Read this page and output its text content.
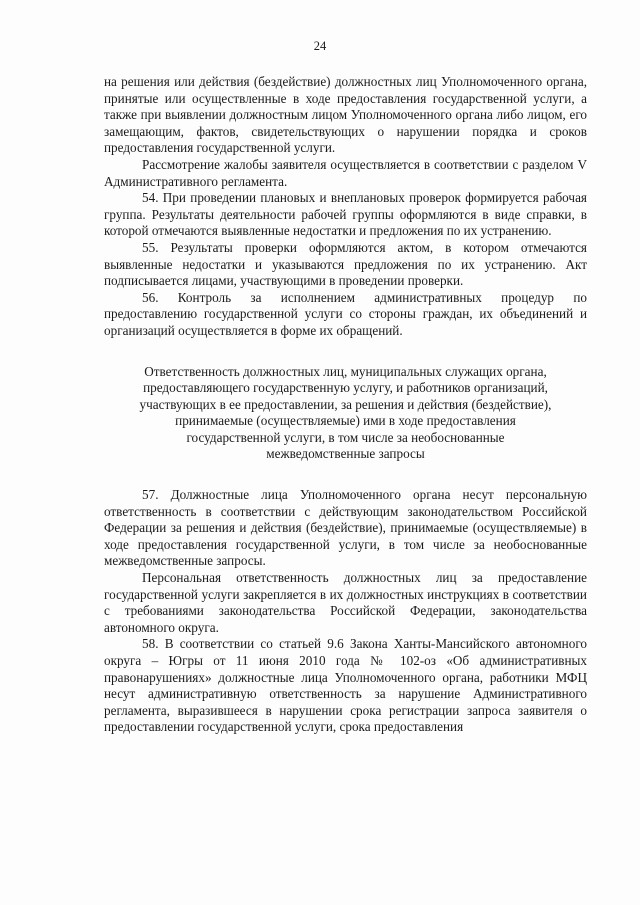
24

на решения или действия (бездействие) должностных лиц Уполномоченного органа, принятые или осуществленные в ходе предоставления государственной услуги, а также при выявлении должностным лицом Уполномоченного органа либо лицом, его замещающим, фактов, свидетельствующих о нарушении порядка и сроков предоставления государственной услуги.

Рассмотрение жалобы заявителя осуществляется в соответствии с разделом V Административного регламента.

54. При проведении плановых и внеплановых проверок формируется рабочая группа. Результаты деятельности рабочей группы оформляются в виде справки, в которой отмечаются выявленные недостатки и предложения по их устранению.

55. Результаты проверки оформляются актом, в котором отмечаются выявленные недостатки и указываются предложения по их устранению. Акт подписывается лицами, участвующими в проведении проверки.

56. Контроль за исполнением административных процедур по предоставлению государственной услуги со стороны граждан, их объединений и организаций осуществляется в форме их обращений.

Ответственность должностных лиц, муниципальных служащих органа,
предоставляющего государственную услугу, и работников организаций,
участвующих в ее предоставлении, за решения и действия (бездействие),
принимаемые (осуществляемые) ими в ходе предоставления
государственной услуги, в том числе за необоснованные
межведомственные запросы

57. Должностные лица Уполномоченного органа несут персональную ответственность в соответствии с действующим законодательством Российской Федерации за решения и действия (бездействие), принимаемые (осуществляемые) в ходе предоставления государственной услуги, в том числе за необоснованные межведомственные запросы.

Персональная ответственность должностных лиц за предоставление государственной услуги закрепляется в их должностных инструкциях в соответствии с требованиями законодательства Российской Федерации, законодательства автономного округа.

58. В соответствии со статьей 9.6 Закона Ханты-Мансийского автономного округа – Югры от 11 июня 2010 года № 102-оз «Об административных правонарушениях» должностные лица Уполномоченного органа, работники МФЦ несут административную ответственность за нарушение Административного регламента, выразившееся в нарушении срока регистрации запроса заявителя о предоставлении государственной услуги, срока предоставления
